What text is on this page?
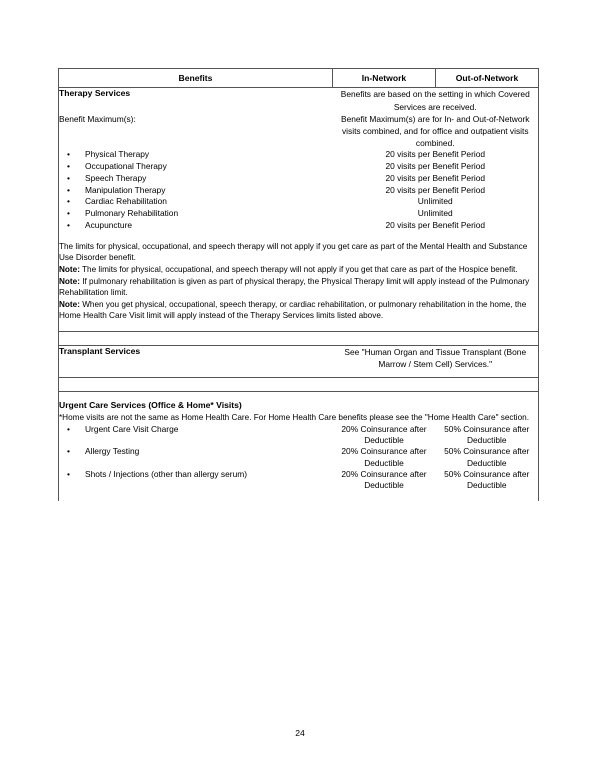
Benefits	In-Network	Out-of-Network
Therapy Services	Benefits are based on the setting in which Covered Services are received.	
Benefit Maximum(s):	Benefit Maximum(s) are for In- and Out-of-Network visits combined, and for office and outpatient visits combined.	
• Physical Therapy	20 visits per Benefit Period	
• Occupational Therapy	20 visits per Benefit Period	
• Speech Therapy	20 visits per Benefit Period	
• Manipulation Therapy	20 visits per Benefit Period	
• Cardiac Rehabilitation	Unlimited	
• Pulmonary Rehabilitation	Unlimited	
• Acupuncture	20 visits per Benefit Period	
The limits for physical, occupational, and speech therapy will not apply if you get care as part of the Mental Health and Substance Use Disorder benefit.		
Note: The limits for physical, occupational, and speech therapy will not apply if you get that care as part of the Hospice benefit.		
Note: If pulmonary rehabilitation is given as part of physical therapy, the Physical Therapy limit will apply instead of the Pulmonary Rehabilitation limit.		
Note: When you get physical, occupational, speech therapy, or cardiac rehabilitation, or pulmonary rehabilitation in the home, the Home Health Care Visit limit will apply instead of the Therapy Services limits listed above.		

Transplant Services	See "Human Organ and Tissue Transplant (Bone Marrow / Stem Cell) Services."	

Urgent Care Services (Office & Home* Visits)		
*Home visits are not the same as Home Health Care. For Home Health Care benefits please see the "Home Health Care" section.		
• Urgent Care Visit Charge	20% Coinsurance after Deductible	50% Coinsurance after Deductible
• Allergy Testing	20% Coinsurance after Deductible	50% Coinsurance after Deductible
• Shots / Injections (other than allergy serum)	20% Coinsurance after Deductible	50% Coinsurance after Deductible

24
